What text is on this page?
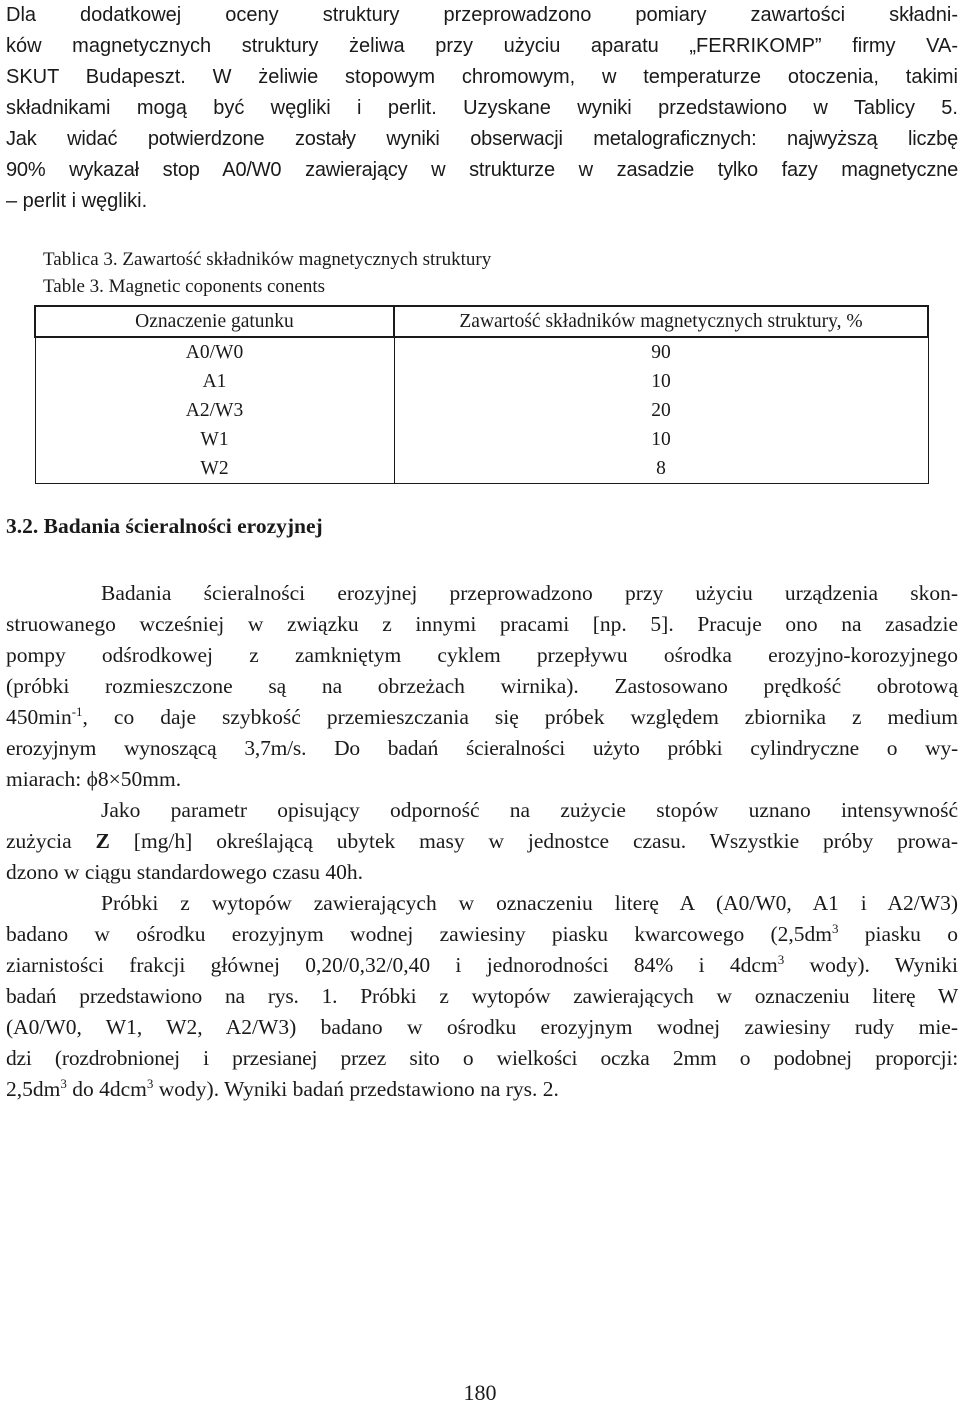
Dla dodatkowej oceny struktury przeprowadzono pomiary zawartości składni-
ków magnetycznych struktury żeliwa przy użyciu aparatu „FERRIKOMP” firmy VA-
SKUT Budapeszt. W żeliwie stopowym chromowym, w temperaturze otoczenia, takimi
składnikami mogą być węgliki i perlit. Uzyskane wyniki przedstawiono w Tablicy 5.
Jak widać potwierdzone zostały wyniki obserwacji metalograficznych: najwyższą liczbę
90% wykazał stop A0/W0 zawierający w strukturze w zasadzie tylko fazy magnetyczne
– perlit i węgliki.

Tablica 3. Zawartość składników magnetycznych struktury

Table 3. Magnetic coponents conents

Oznaczenie gatunku	Zawartość składników magnetycznych struktury, %
A0/W0	90
A1	10
A2/W3	20
W1	10
W2	8

3.2. Badania ścieralności erozyjnej

Badania ścieralności erozyjnej przeprowadzono przy użyciu urządzenia skon-
struowanego wcześniej w związku z innymi pracami [np. 5]. Pracuje ono na zasadzie
pompy odśrodkowej z zamkniętym cyklem przepływu ośrodka erozyjno-korozyjnego
(próbki rozmieszczone są na obrzeżach wirnika). Zastosowano prędkość obrotową
$450\min^{-1}$, co daje szybkość przemieszczania się próbek względem zbiornika z medium
erozyjnym wynoszącą 3,7m/s. Do badań ścieralności użyto próbki cylindryczne o wy-
miarach: ϕ8×50mm.
Jako parametr opisujący odporność na zużycie stopów uznano intensywność
zużycia Z [mg/h] określającą ubytek masy w jednostce czasu. Wszystkie próby prowa-
dzono w ciągu standardowego czasu 40h.
Próbki z wytopów zawierających w oznaczeniu literę A (A0/W0, A1 i A2/W3)
badano w ośrodku erozyjnym wodnej zawiesiny piasku kwarcowego ($2,5dm^3$ piasku o
ziarnistości frakcji głównej 0,20/0,32/0,40 i jednorodności 84% i 4dcm$^3$ wody). Wyniki
badań przedstawiono na rys. 1. Próbki z wytopów zawierających w oznaczeniu literę W
(A0/W0, W1, W2, A2/W3) badano w ośrodku erozyjnym wodnej zawiesiny rudy mie-
dzi (rozdrobnionej i przesianej przez sito o wielkości oczka 2mm o podobnej proporcji:
$2,5dm^3$ do 4dcm$^3$ wody). Wyniki badań przedstawiono na rys. 2.

180
